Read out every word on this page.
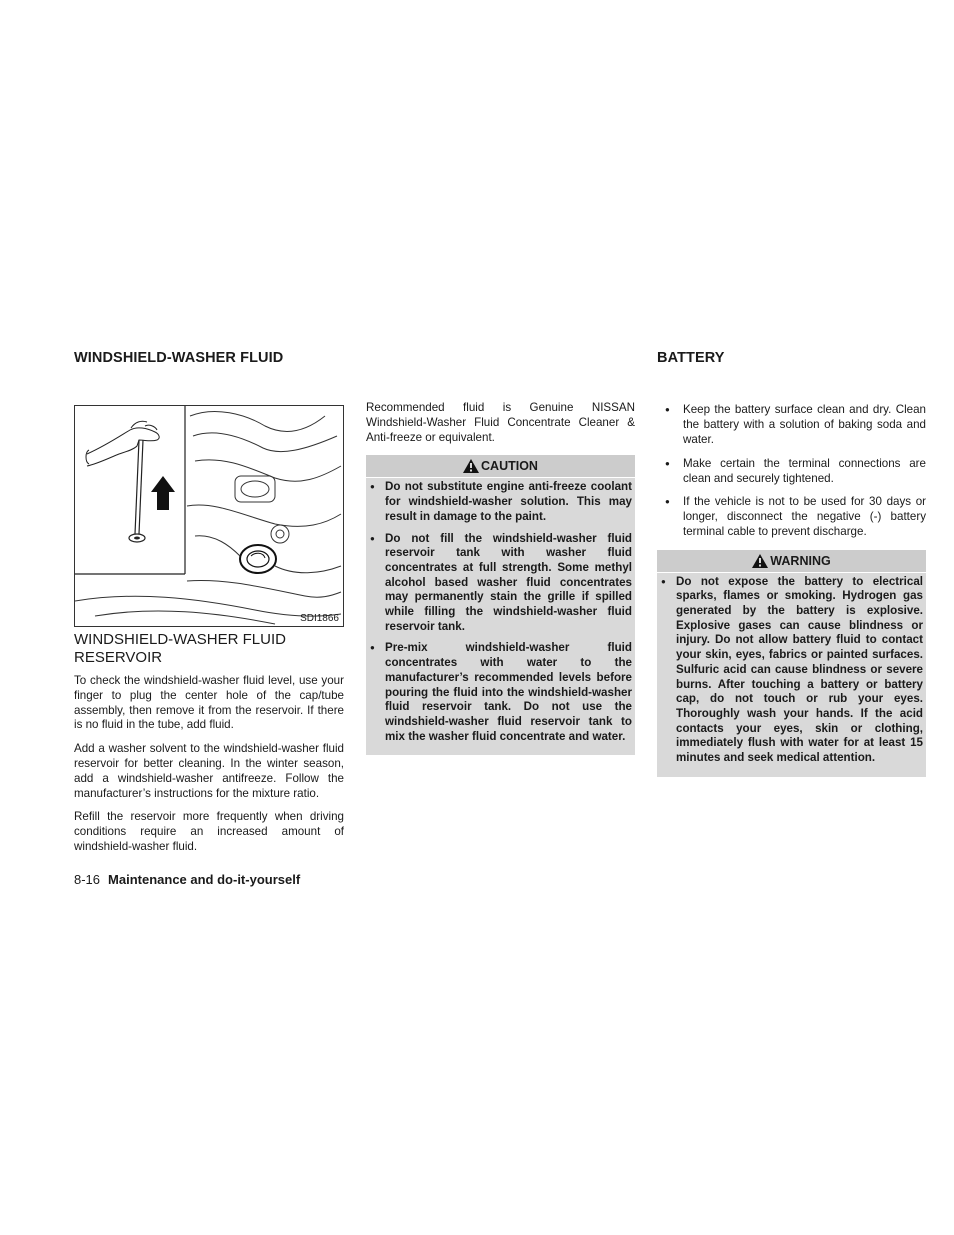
WINDSHIELD-WASHER FLUID
SDI1866
WINDSHIELD-WASHER FLUID RESERVOIR

To check the windshield-washer fluid level, use your finger to plug the center hole of the cap/tube assembly, then remove it from the reservoir. If there is no fluid in the tube, add fluid.

Add a washer solvent to the windshield-washer fluid reservoir for better cleaning. In the winter season, add a windshield-washer antifreeze. Follow the manufacturer’s instructions for the mixture ratio.

Refill the reservoir more frequently when driving conditions require an increased amount of windshield-washer fluid.

Recommended fluid is Genuine NISSAN Windshield-Washer Fluid Concentrate Cleaner & Anti-freeze or equivalent.

CAUTION
● Do not substitute engine anti-freeze coolant for windshield-washer solution. This may result in damage to the paint.
● Do not fill the windshield-washer fluid reservoir tank with washer fluid concentrates at full strength. Some methyl alcohol based washer fluid concentrates may permanently stain the grille if spilled while filling the windshield-washer fluid reservoir tank.
● Pre-mix windshield-washer fluid concentrates with water to the manufacturer’s recommended levels before pouring the fluid into the windshield-washer fluid reservoir tank. Do not use the windshield-washer fluid reservoir tank to mix the washer fluid concentrate and water.
BATTERY
● Keep the battery surface clean and dry. Clean the battery with a solution of baking soda and water.
● Make certain the terminal connections are clean and securely tightened.
● If the vehicle is not to be used for 30 days or longer, disconnect the negative (-) battery terminal cable to prevent discharge.
WARNING
● Do not expose the battery to electrical sparks, flames or smoking. Hydrogen gas generated by the battery is explosive. Explosive gases can cause blindness or injury. Do not allow battery fluid to contact your skin, eyes, fabrics or painted surfaces. Sulfuric acid can cause blindness or severe burns. After touching a battery or battery cap, do not touch or rub your eyes. Thoroughly wash your hands. If the acid contacts your eyes, skin or clothing, immediately flush with water for at least 15 minutes and seek medical attention.
8-16 Maintenance and do-it-yourself
